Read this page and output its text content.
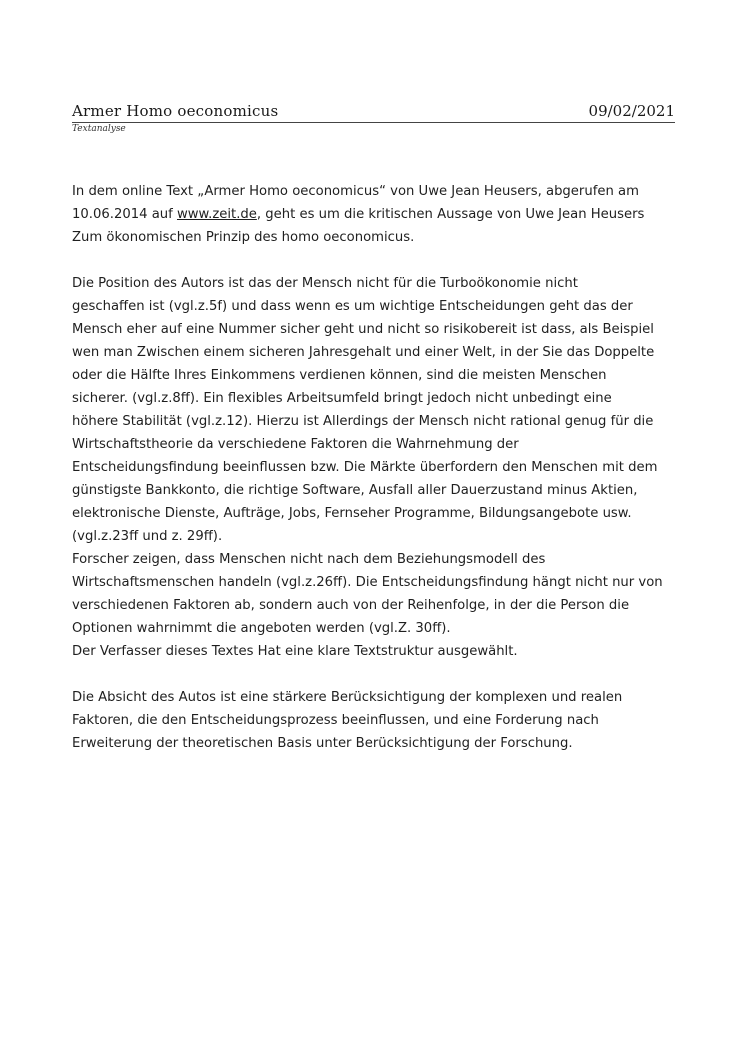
Armer Homo oeconomicus	09/02/2021
Textanalyse
In dem online Text „Armer Homo oeconomicus“ von Uwe Jean Heusers, abgerufen am
10.06.2014 auf www.zeit.de, geht es um die kritischen Aussage von Uwe Jean Heusers
Zum ökonomischen Prinzip des homo oeconomicus.
Die Position des Autors ist das der Mensch nicht für die Turboökonomie nicht
geschaffen ist (vgl.z.5f) und dass wenn es um wichtige Entscheidungen geht das der
Mensch eher auf eine Nummer sicher geht und nicht so risikobereit ist dass, als Beispiel
wen man Zwischen einem sicheren Jahresgehalt und einer Welt, in der Sie das Doppelte
oder die Hälfte Ihres Einkommens verdienen können, sind die meisten Menschen
sicherer. (vgl.z.8ff). Ein flexibles Arbeitsumfeld bringt jedoch nicht unbedingt eine
höhere Stabilität (vgl.z.12). Hierzu ist Allerdings der Mensch nicht rational genug für die
Wirtschaftstheorie da verschiedene Faktoren die Wahrnehmung der
Entscheidungsfindung beeinflussen bzw. Die Märkte überfordern den Menschen mit dem
günstigste Bankkonto, die richtige Software, Ausfall aller Dauerzustand minus Aktien,
elektronische Dienste, Aufträge, Jobs, Fernseher Programme, Bildungsangebote usw.
(vgl.z.23ff und z. 29ff).
Forscher zeigen, dass Menschen nicht nach dem Beziehungsmodell des
Wirtschaftsmenschen handeln (vgl.z.26ff). Die Entscheidungsfindung hängt nicht nur von
verschiedenen Faktoren ab, sondern auch von der Reihenfolge, in der die Person die
Optionen wahrnimmt die angeboten werden (vgl.Z. 30ff).
Der Verfasser dieses Textes Hat eine klare Textstruktur ausgewählt.
Die Absicht des Autos ist eine stärkere Berücksichtigung der komplexen und realen
Faktoren, die den Entscheidungsprozess beeinflussen, und eine Forderung nach
Erweiterung der theoretischen Basis unter Berücksichtigung der Forschung.
